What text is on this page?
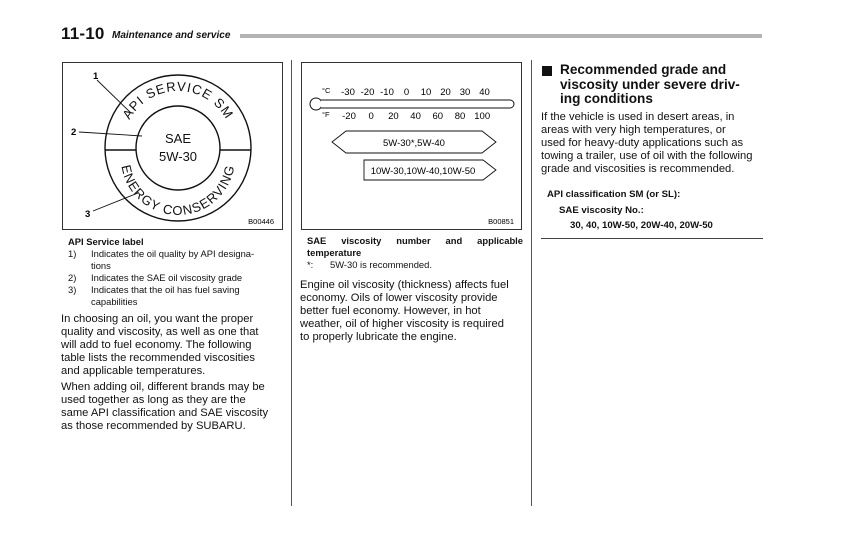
11-10 Maintenance and service
API SERVICE SM
ENERGY CONSERVING
SAE
5W-30
1
2
3
B00446
API Service label
1)	Indicates the oil quality by API designa-
tions
2)	Indicates the SAE oil viscosity grade
3)	Indicates that the oil has fuel saving
capabilities
In choosing an oil, you want the proper
quality and viscosity, as well as one that
will add to fuel economy. The following
table lists the recommended viscosities
and applicable temperatures.
When adding oil, different brands may be
used together as long as they are the
same API classification and SAE viscosity
as those recommended by SUBARU.
-30 -20 -10 0 10 20 30 40
-20 0 20 40 60 80 100
°C
°F
5W-30*,5W-40
10W-30,10W-40,10W-50
B00851
SAE viscosity number and applicable
temperature
*:	5W-30 is recommended.
Engine oil viscosity (thickness) affects fuel
economy. Oils of lower viscosity provide
better fuel economy. However, in hot
weather, oil of higher viscosity is required
to properly lubricate the engine.
Recommended grade and
viscosity under severe driv-
ing conditions
If the vehicle is used in desert areas, in
areas with very high temperatures, or
used for heavy-duty applications such as
towing a trailer, use of oil with the following
grade and viscosities is recommended.
API classification SM (or SL):
SAE viscosity No.:
30, 40, 10W-50, 20W-40, 20W-50
